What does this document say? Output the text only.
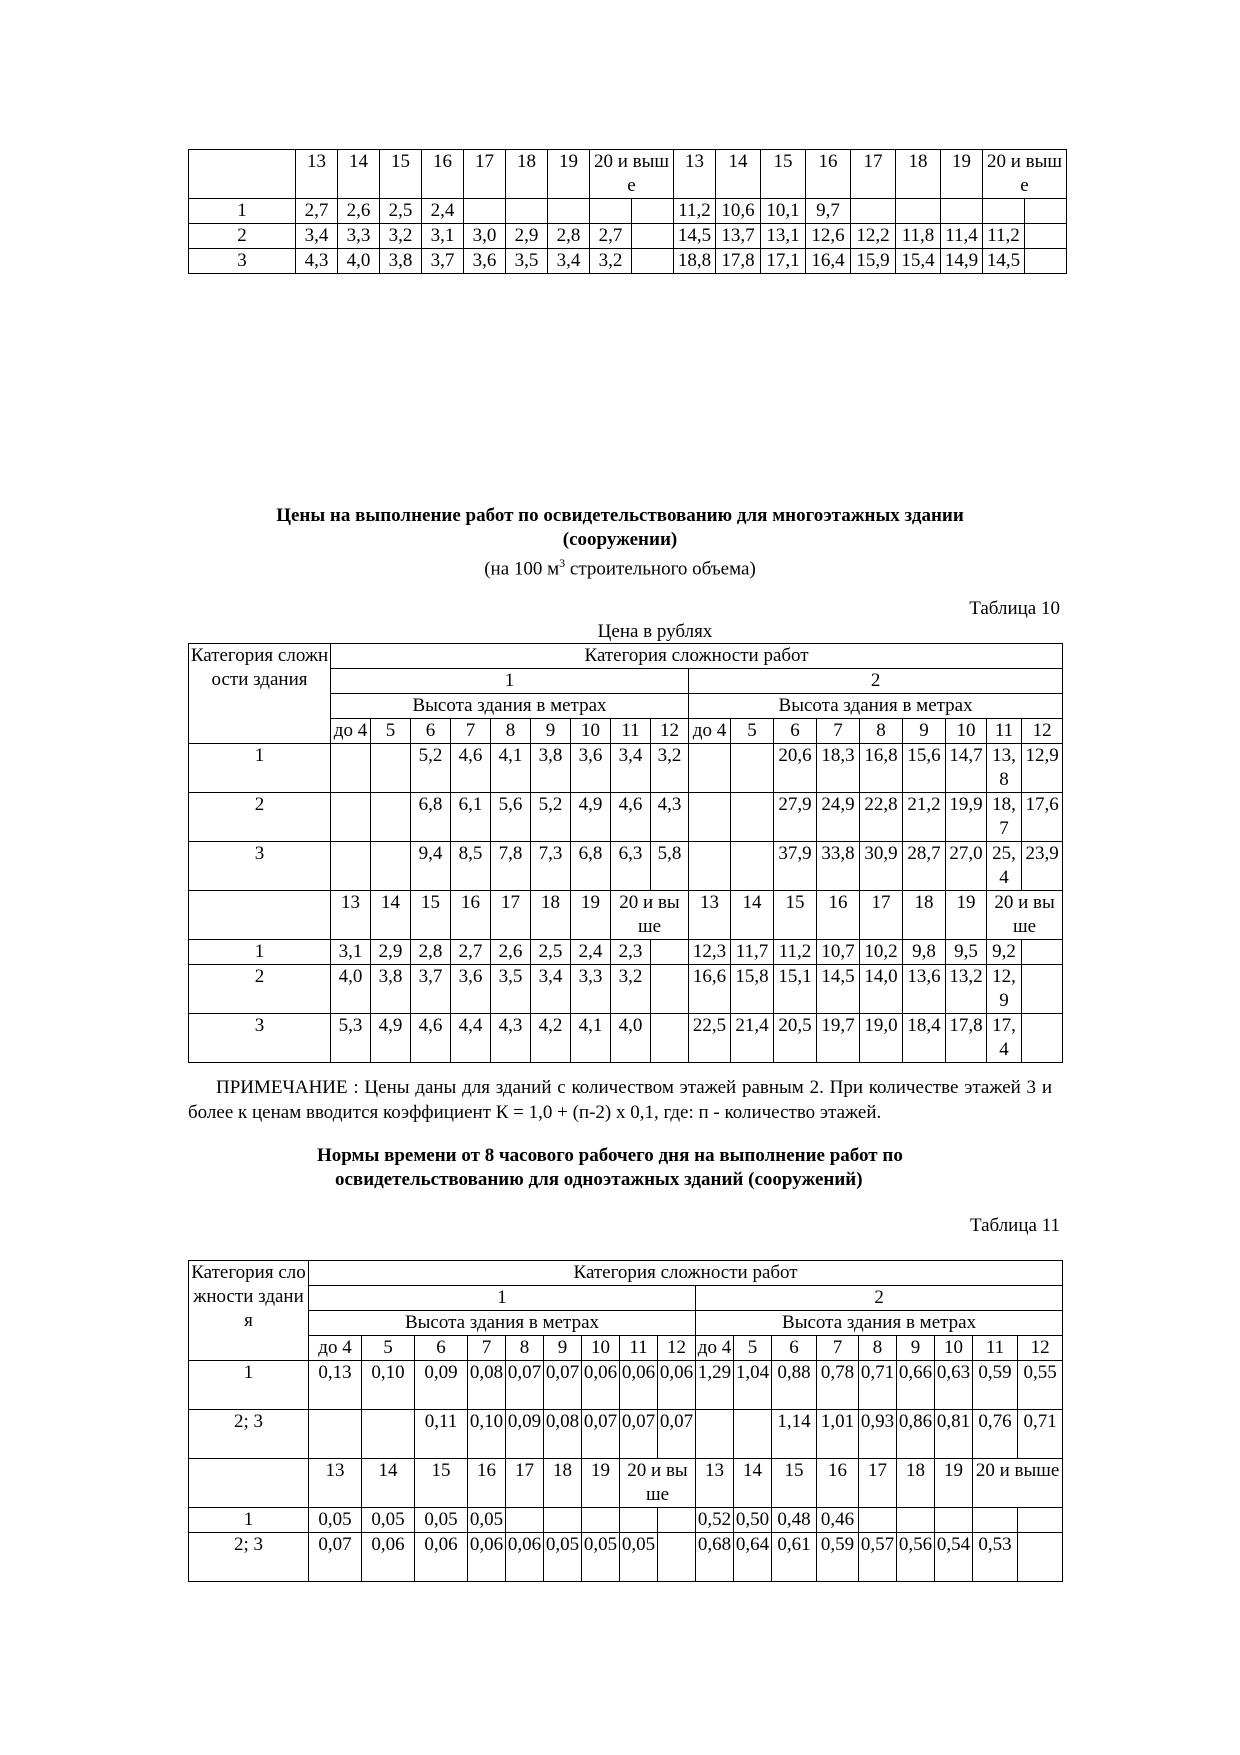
	13	14	15	16	17	18	19	20 и выше		13	14	15	16	17	18	19	20 и выше	
1	2,7	2,6	2,5	2,4						11,2	10,6	10,1	9,7					
2	3,4	3,3	3,2	3,1	3,0	2,9	2,8	2,7		14,5	13,7	13,1	12,6	12,2	11,8	11,4	11,2	
3	4,3	4,0	3,8	3,7	3,6	3,5	3,4	3,2		18,8	17,8	17,1	16,4	15,9	15,4	14,9	14,5	
Цены на выполнение работ по освидетельствованию для многоэтажных здании
(сооружении)
(на 100 $м^3$ строительного объема)
Таблица 10
Цена в рублях
Категория сложности здания	Категория сложности работ																	
	1									2								
	Высота здания в метрах									Высота здания в метрах								
	до 4	5	6	7	8	9	10	11	12	до 4	5	6	7	8	9	10	11	12
1			5,2	4,6	4,1	3,8	3,6	3,4	3,2			20,6	18,3	16,8	15,6	14,7	13,8	12,9
2			6,8	6,1	5,6	5,2	4,9	4,6	4,3			27,9	24,9	22,8	21,2	19,9	18,7	17,6
3			9,4	8,5	7,8	7,3	6,8	6,3	5,8			37,9	33,8	30,9	28,7	27,0	25,4	23,9
	13	14	15	16	17	18	19	20 и выше		13	14	15	16	17	18	19	20 и выше	
1	3,1	2,9	2,8	2,7	2,6	2,5	2,4	2,3		12,3	11,7	11,2	10,7	10,2	9,8	9,5	9,2	
2	4,0	3,8	3,7	3,6	3,5	3,4	3,3	3,2		16,6	15,8	15,1	14,5	14,0	13,6	13,2	12,9	
3	5,3	4,9	4,6	4,4	4,3	4,2	4,1	4,0		22,5	21,4	20,5	19,7	19,0	18,4	17,8	17,4	
ПРИМЕЧАНИЕ : Цены даны для зданий с количеством этажей равным 2. При количестве этажей 3 и более к ценам вводится коэффициент К = 1,0 + (п-2) х 0,1, где: п - количество этажей.
Нормы времени от 8 часового рабочего дня на выполнение работ по
освидетельствованию для одноэтажных зданий (сооружений)
Таблица 11
Категория сложности здания	Категория сложности работ																	
	1									2								
	Высота здания в метрах									Высота здания в метрах								
	до 4	5	6	7	8	9	10	11	12	до 4	5	6	7	8	9	10	11	12
1	0,13	0,10	0,09	0,08	0,07	0,07	0,06	0,06	0,06	1,29	1,04	0,88	0,78	0,71	0,66	0,63	0,59	0,55
2; 3			0,11	0,10	0,09	0,08	0,07	0,07	0,07			1,14	1,01	0,93	0,86	0,81	0,76	0,71
	13	14	15	16	17	18	19	20 и выше		13	14	15	16	17	18	19	20 и выше	
1	0,05	0,05	0,05	0,05						0,52	0,50	0,48	0,46					
2; 3	0,07	0,06	0,06	0,06	0,06	0,05	0,05	0,05		0,68	0,64	0,61	0,59	0,57	0,56	0,54	0,53	
